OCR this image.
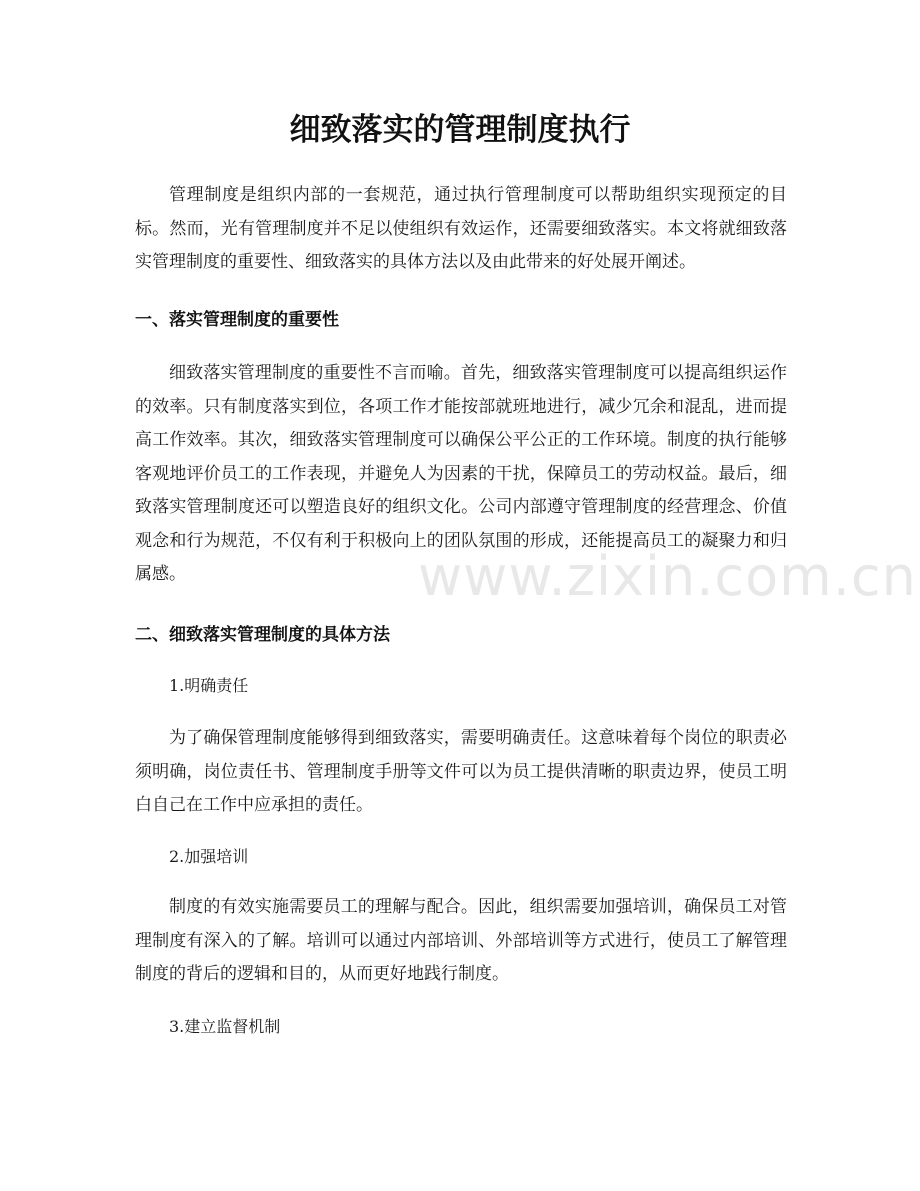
细致落实的管理制度执行

管理制度是组织内部的一套规范，通过执行管理制度可以帮助组织实现预定的目标。然而，光有管理制度并不足以使组织有效运作，还需要细致落实。本文将就细致落实管理制度的重要性、细致落实的具体方法以及由此带来的好处展开阐述。

一、落实管理制度的重要性

细致落实管理制度的重要性不言而喻。首先，细致落实管理制度可以提高组织运作的效率。只有制度落实到位，各项工作才能按部就班地进行，减少冗余和混乱，进而提高工作效率。其次，细致落实管理制度可以确保公平公正的工作环境。制度的执行能够客观地评价员工的工作表现，并避免人为因素的干扰，保障员工的劳动权益。最后，细致落实管理制度还可以塑造良好的组织文化。公司内部遵守管理制度的经营理念、价值观念和行为规范，不仅有利于积极向上的团队氛围的形成，还能提高员工的凝聚力和归属感。

二、细致落实管理制度的具体方法

1.明确责任

为了确保管理制度能够得到细致落实，需要明确责任。这意味着每个岗位的职责必须明确，岗位责任书、管理制度手册等文件可以为员工提供清晰的职责边界，使员工明白自己在工作中应承担的责任。

2.加强培训

制度的有效实施需要员工的理解与配合。因此，组织需要加强培训，确保员工对管理制度有深入的了解。培训可以通过内部培训、外部培训等方式进行，使员工了解管理制度的背后的逻辑和目的，从而更好地践行制度。

3.建立监督机制

www.zixin.com.cn
